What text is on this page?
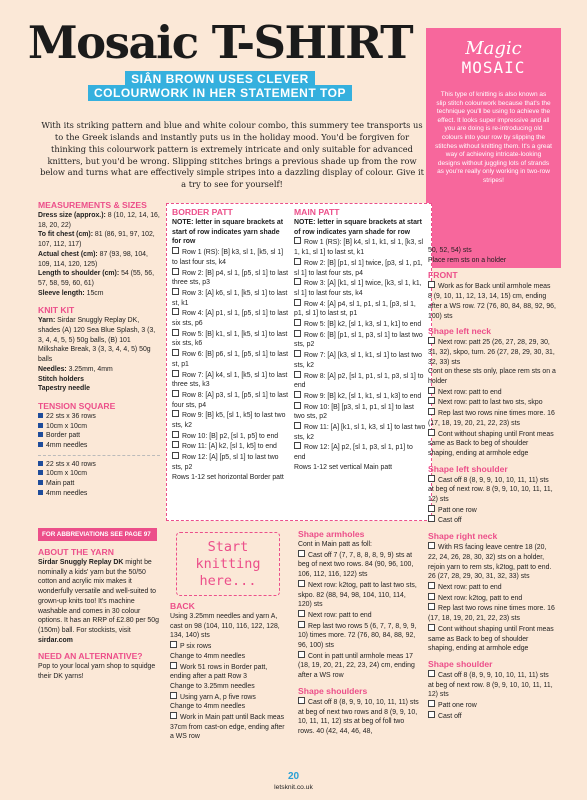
Mosaic T-SHIRT
SIÂN BROWN USES CLEVER COLOURWORK IN HER STATEMENT TOP

With its striking pattern and blue and white colour combo, this summery tee transports us to the Greek islands and instantly puts us in the holiday mood. You'd be forgiven for thinking this colourwork pattern is extremely intricate and only suitable for advanced knitters, but you'd be wrong. Slipping stitches brings a previous shade up from the row below and turns what are effectively simple stripes into a dazzling display of colour. Give it a try to see for yourself!

Magic
MOSAIC
This type of knitting is also known as slip stitch colourwork because that's the technique you'll be using to achieve the effect. It looks super impressive and all you are doing is re-introducing old colours into your row by slipping the stitches without knitting them. It's a great way of achieving intricate-looking designs without juggling lots of strands as you're really only working in two-row stripes!

MEASUREMENTS & SIZES

Dress size (approx.): 8 (10, 12, 14, 16, 18, 20, 22)

To fit chest (cm): 81 (86, 91, 97, 102, 107, 112, 117)

Actual chest (cm): 87 (93, 98, 104, 109, 114, 120, 125)

Length to shoulder (cm): 54 (55, 56, 57, 58, 59, 60, 61)

Sleeve length: 15cm

KNIT KIT

Yarn: Sirdar Snuggly Replay DK, shades (A) 120 Sea Blue Splash, 3 (3, 3, 4, 4, 5, 5) 50g balls, (B) 101 Milkshake Break, 3 (3, 3, 4, 4, 5) 50g balls

Needles: 3.25mm, 4mm

Stitch holders

Tapestry needle

TENSION SQUARE

22 sts x 36 rows

10cm x 10cm

Border patt

4mm needles

22 sts x 40 rows

10cm x 10cm

Main patt

4mm needles

FOR ABBREVIATIONS SEE PAGE 97

ABOUT THE YARN

Sirdar Snuggly Replay DK might be nominally a kids' yarn but the 50/50 cotton and acrylic mix makes it wonderfully versatile and well-suited to grown-up knits too! It's machine washable and comes in 30 colour options. It has an RRP of £2.80 per 50g (150m) ball. For stockists, visit sirdar.com

NEED AN ALTERNATIVE?

Pop to your local yarn shop to squidge their DK yarns!

BORDER PATT

NOTE: letter in square brackets at start of row indicates yarn shade for row

Row 1 (RS): [B] k3, sl 1, [k5, sl 1] to last four sts, k4

Row 2: [B] p4, sl 1, [p5, sl 1] to last three sts, p3

Row 3: [A] k6, sl 1, [k5, sl 1] to last st, k1

Row 4: [A] p1, sl 1, [p5, sl 1] to last six sts, p6

Row 5: [B] k1, sl 1, [k5, sl 1] to last six sts, k6

Row 6: [B] p6, sl 1, [p5, sl 1] to last st, p1

Row 7: [A] k4, sl 1, [k5, sl 1] to last three sts, k3

Row 8: [A] p3, sl 1, [p5, sl 1] to last four sts, p4

Row 9: [B] k5, [sl 1, k5] to last two sts, k2

Row 10: [B] p2, [sl 1, p5] to end

Row 11: [A] k2, [sl 1, k5] to end

Row 12: [A] [p5, sl 1] to last two sts, p2

Rows 1-12 set horizontal Border patt

MAIN PATT

NOTE: letter in square brackets at start of row indicates yarn shade for row

Row 1 (RS): [B] k4, sl 1, k1, sl 1, [k3, sl 1, k1, sl 1] to last st, k1

Row 2: [B] [p1, sl 1] twice, [p3, sl 1, p1, sl 1] to last four sts, p4

Row 3: [A] [k1, sl 1] twice, [k3, sl 1, k1, sl 1] to last four sts, k4

Row 4: [A] p4, sl 1, p1, sl 1, [p3, sl 1, p1, sl 1] to last st, p1

Row 5: [B] k2, [sl 1, k3, sl 1, k1] to end

Row 6: [B] [p1, sl 1, p3, sl 1] to last two sts, p2

Row 7: [A] [k3, sl 1, k1, sl 1] to last two sts, k2

Row 8: [A] p2, [sl 1, p1, sl 1, p3, sl 1] to end

Row 9: [B] k2, [sl 1, k1, sl 1, k3] to end

Row 10: [B] [p3, sl 1, p1, sl 1] to last two sts, p2

Row 11: [A] [k1, sl 1, k3, sl 1] to last two sts, k2

Row 12: [A] p2, [sl 1, p3, sl 1, p1] to end

Rows 1-12 set vertical Main patt

Start knitting here...

BACK

Using 3.25mm needles and yarn A, cast on 98 (104, 110, 116, 122, 128, 134, 140) sts

P six rows

Change to 4mm needles

Work 51 rows in Border patt, ending after a patt Row 3

Change to 3.25mm needles

Using yarn A, p five rows

Change to 4mm needles

Work in Main patt until Back meas 37cm from cast-on edge, ending after a WS row

Shape armholes

Cont in Main patt as foll:

Cast off 7 (7, 7, 8, 8, 8, 9, 9) sts at beg of next two rows. 84 (90, 96, 100, 106, 112, 116, 122) sts

Next row: k2tog, patt to last two sts, skpo. 82 (88, 94, 98, 104, 110, 114, 120) sts

Next row: patt to end

Rep last two rows 5 (6, 7, 7, 8, 9, 9, 10) times more. 72 (76, 80, 84, 88, 92, 96, 100) sts

Cont in patt until armhole meas 17 (18, 19, 20, 21, 22, 23, 24) cm, ending after a WS row

Shape shoulders

Cast off 8 (8, 9, 9, 10, 10, 11, 11) sts at beg of next two rows and 8 (9, 9, 10, 10, 11, 11, 12) sts at beg of foll two rows. 40 (42, 44, 46, 48,

50, 52, 54) sts

Place rem sts on a holder

FRONT

Work as for Back until armhole meas 8 (9, 10, 11, 12, 13, 14, 15) cm, ending after a WS row. 72 (76, 80, 84, 88, 92, 96, 100) sts

Shape left neck

Next row: patt 25 (26, 27, 28, 29, 30, 31, 32), skpo, turn. 26 (27, 28, 29, 30, 31, 32, 33) sts

Cont on these sts only, place rem sts on a holder

Next row: patt to end

Next row: patt to last two sts, skpo

Rep last two rows nine times more. 16 (17, 18, 19, 20, 21, 22, 23) sts

Cont without shaping until Front meas same as Back to beg of shoulder shaping, ending at armhole edge

Shape left shoulder

Cast off 8 (8, 9, 9, 10, 10, 11, 11) sts at beg of next row. 8 (9, 9, 10, 10, 11, 11, 12) sts

Patt one row

Cast off

Shape right neck

With RS facing leave centre 18 (20, 22, 24, 26, 28, 30, 32) sts on a holder, rejoin yarn to rem sts, k2tog, patt to end. 26 (27, 28, 29, 30, 31, 32, 33) sts

Next row: patt to end

Next row: k2tog, patt to end

Rep last two rows nine times more. 16 (17, 18, 19, 20, 21, 22, 23) sts

Cont without shaping until Front meas same as Back to beg of shoulder shaping, ending at armhole edge

Shape shoulder

Cast off 8 (8, 9, 9, 10, 10, 11, 11) sts at beg of next row. 8 (9, 9, 10, 10, 11, 11, 12) sts

Patt one row

Cast off

20
letsknit.co.uk
